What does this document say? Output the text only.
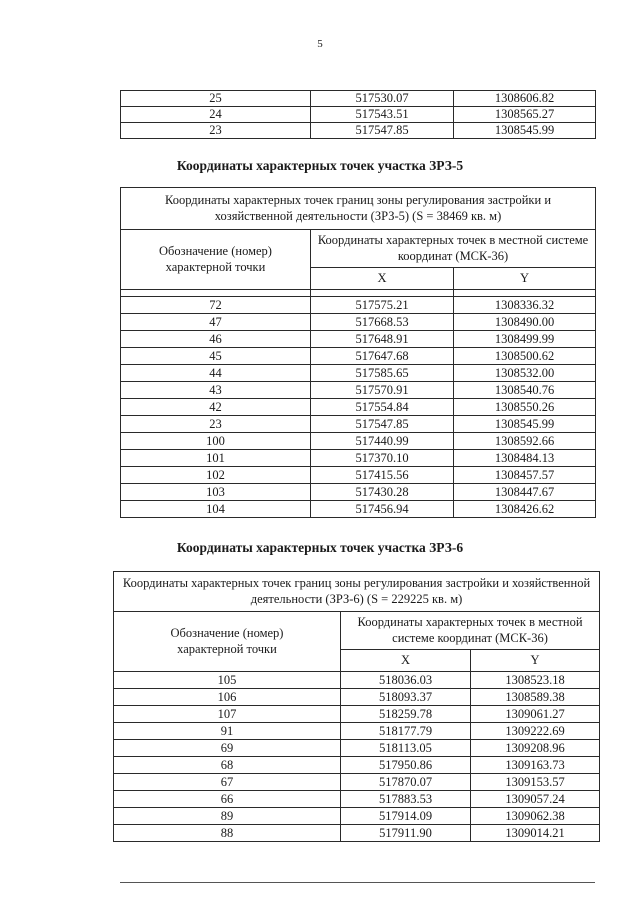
5
25	517530.07	1308606.82
24	517543.51	1308565.27
23	517547.85	1308545.99
Координаты характерных точек участка ЗРЗ-5
Координаты характерных точек границ зоны регулирования застройки и хозяйственной деятельности (ЗРЗ-5) (S = 38469 кв. м)		
Обозначение (номер) характерной точки	Координаты характерных точек в местной системе координат (МСК-36)	
	X	Y

72	517575.21	1308336.32
47	517668.53	1308490.00
46	517648.91	1308499.99
45	517647.68	1308500.62
44	517585.65	1308532.00
43	517570.91	1308540.76
42	517554.84	1308550.26
23	517547.85	1308545.99
100	517440.99	1308592.66
101	517370.10	1308484.13
102	517415.56	1308457.57
103	517430.28	1308447.67
104	517456.94	1308426.62
Координаты характерных точек участка ЗРЗ-6
Координаты характерных точек границ зоны регулирования застройки и хозяйственной деятельности (ЗРЗ-6) (S = 229225 кв. м)		
Обозначение (номер) характерной точки	Координаты характерных точек в местной системе координат (МСК-36)	
	X	Y
105	518036.03	1308523.18
106	518093.37	1308589.38
107	518259.78	1309061.27
91	518177.79	1309222.69
69	518113.05	1309208.96
68	517950.86	1309163.73
67	517870.07	1309153.57
66	517883.53	1309057.24
89	517914.09	1309062.38
88	517911.90	1309014.21
